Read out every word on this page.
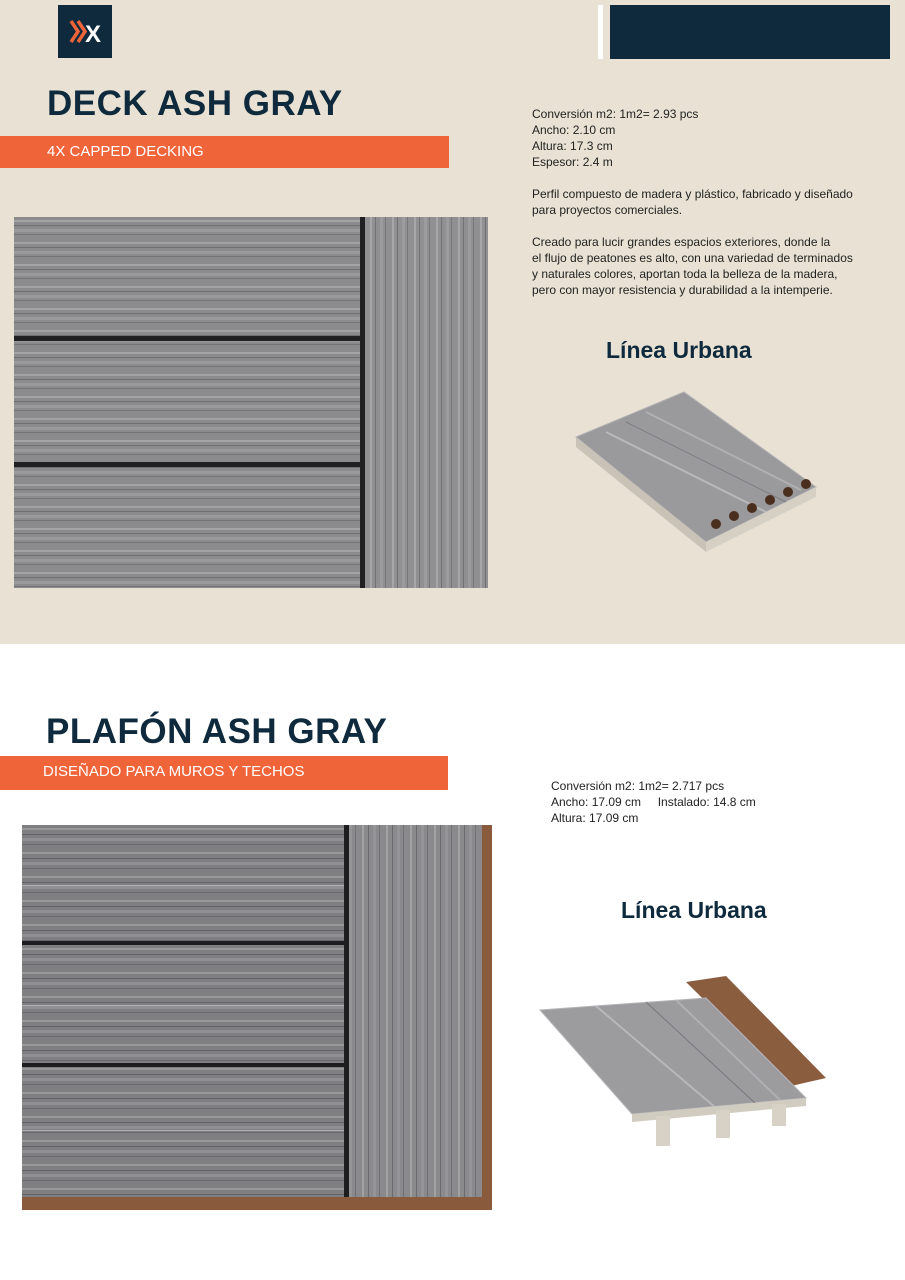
X
DECK ASH GRAY
4X CAPPED DECKING

Conversión m2: 1m2= 2.93 pcs
Ancho: 2.10 cm
Altura: 17.3 cm
Espesor: 2.4 m

Perfil compuesto de madera y plástico, fabricado y diseñado
para proyectos comerciales.

Creado para lucir grandes espacios exteriores, donde la
el flujo de peatones es alto, con una variedad de terminados
y naturales colores, aportan toda la belleza de la madera,
pero con mayor resistencia y durabilidad a la intemperie.

Línea Urbana
PLAFÓN ASH GRAY
DISEÑADO PARA MUROS Y TECHOS
Conversión m2: 1m2= 2.717 pcs
Ancho: 17.09 cm     Instalado: 14.8 cm
Altura: 17.09 cm
Línea Urbana
